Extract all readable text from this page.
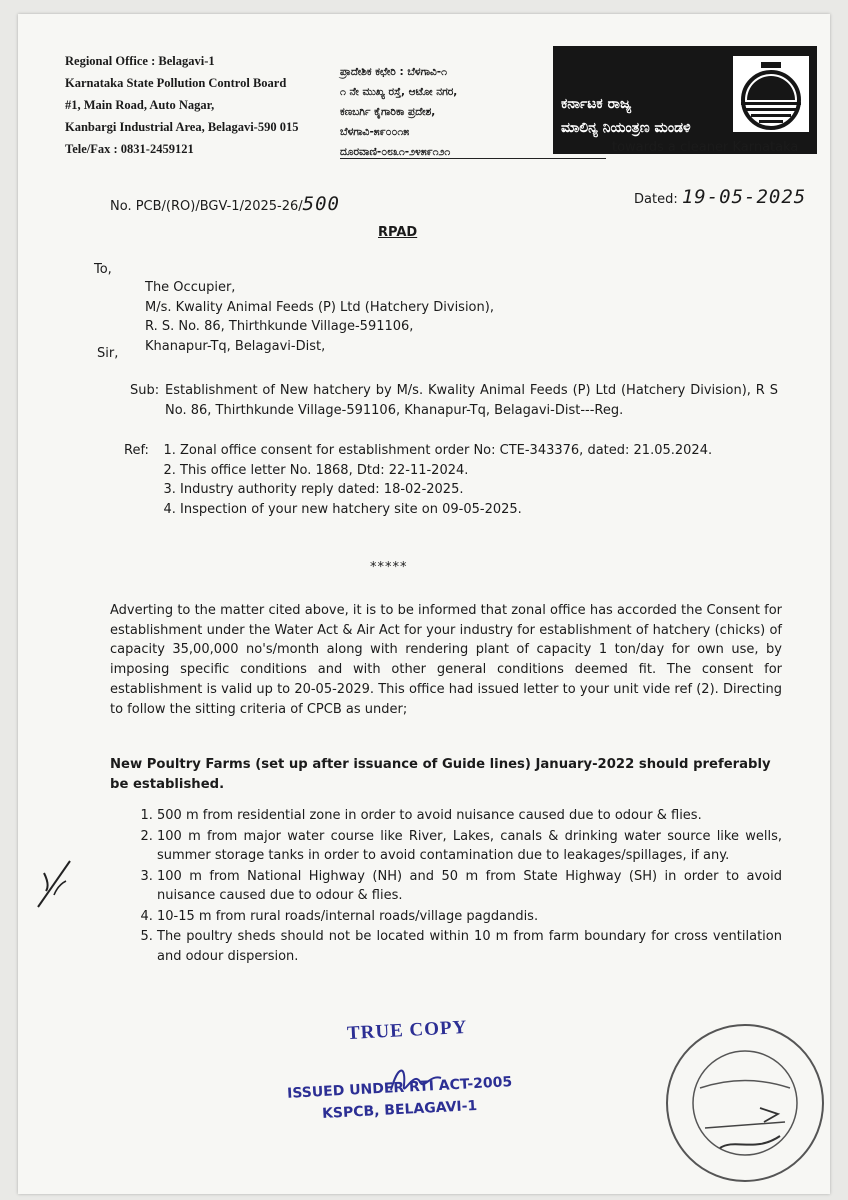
Regional Office : Belagavi-1
Karnataka State Pollution Control Board
#1, Main Road, Auto Nagar,
Kanbargi Industrial Area, Belagavi-590 015
Tele/Fax : 0831-2459121
ಪ್ರಾದೇಶಿಕ ಕಛೇರಿ : ಬೆಳಗಾವಿ-೧
೧ ನೇ ಮುಖ್ಯ ರಸ್ತೆ, ಆಟೋ ನಗರ,
ಕಣಬರ್ಗಿ ಕೈಗಾರಿಕಾ ಪ್ರದೇಶ,
ಬೆಳಗಾವಿ-೫೯೦೦೧೫
ದೂರವಾಣಿ-೦೮೩೧-೨೪೫೯೧೨೧
ಕರ್ನಾಟಕ ರಾಜ್ಯ
ಮಾಲಿನ್ಯ ನಿಯಂತ್ರಣ ಮಂಡಳಿ
towards a cleaner Karnataka
No. PCB/(RO)/BGV-1/2025-26/500	Dated: 19-05-2025
RPAD
To,
The Occupier,
M/s. Kwality Animal Feeds (P) Ltd (Hatchery Division),
R. S. No. 86, Thirthkunde Village-591106,
Khanapur-Tq, Belagavi-Dist,
Sir,
Sub: Establishment of New hatchery by M/s. Kwality Animal Feeds (P) Ltd (Hatchery Division), R S No. 86, Thirthkunde Village-591106, Khanapur-Tq, Belagavi-Dist---Reg.
Ref:
1. Zonal office consent for establishment order No: CTE-343376, dated: 21.05.2024.
2. This office letter No. 1868, Dtd: 22-11-2024.
3. Industry authority reply dated: 18-02-2025.
4. Inspection of your new hatchery site on 09-05-2025.
*****
Adverting to the matter cited above, it is to be informed that zonal office has accorded the Consent for establishment under the Water Act & Air Act for your industry for establishment of hatchery (chicks) of capacity 35,00,000 no's/month along with rendering plant of capacity 1 ton/day for own use, by imposing specific conditions and with other general conditions deemed fit. The consent for establishment is valid up to 20-05-2029. This office had issued letter to your unit vide ref (2). Directing to follow the sitting criteria of CPCB as under;
New Poultry Farms (set up after issuance of Guide lines) January-2022 should preferably be established.
1. 500 m from residential zone in order to avoid nuisance caused due to odour & flies.
2. 100 m from major water course like River, Lakes, canals & drinking water source like wells, summer storage tanks in order to avoid contamination due to leakages/spillages, if any.
3. 100 m from National Highway (NH) and 50 m from State Highway (SH) in order to avoid nuisance caused due to odour & flies.
4. 10-15 m from rural roads/internal roads/village pagdandis.
5. The poultry sheds should not be located within 10 m from farm boundary for cross ventilation and odour dispersion.
TRUE COPY
ISSUED UNDER RTI ACT-2005
KSPCB, BELAGAVI-1
